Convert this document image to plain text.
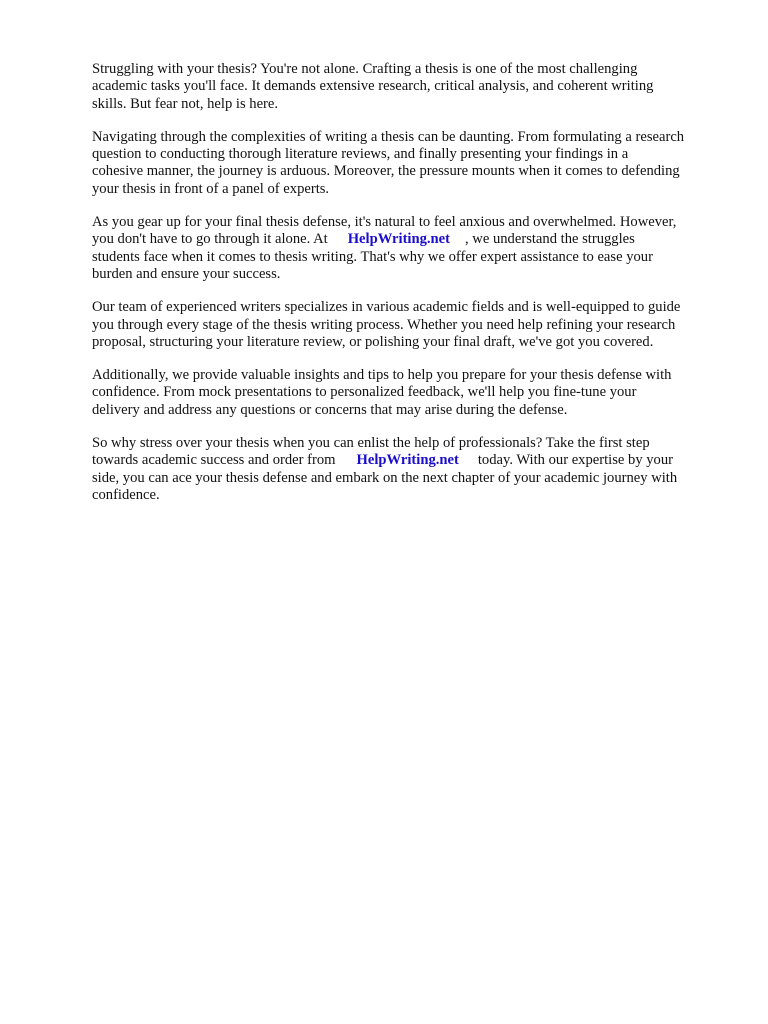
Struggling with your thesis? You're not alone. Crafting a thesis is one of the most challenging
academic tasks you'll face. It demands extensive research, critical analysis, and coherent writing
skills. But fear not, help is here.

Navigating through the complexities of writing a thesis can be daunting. From formulating a research
question to conducting thorough literature reviews, and finally presenting your findings in a
cohesive manner, the journey is arduous. Moreover, the pressure mounts when it comes to defending
your thesis in front of a panel of experts.

As you gear up for your final thesis defense, it's natural to feel anxious and overwhelmed. However,
you don't have to go through it alone. At HelpWriting.net , we understand the struggles
students face when it comes to thesis writing. That's why we offer expert assistance to ease your
burden and ensure your success.

Our team of experienced writers specializes in various academic fields and is well-equipped to guide
you through every stage of the thesis writing process. Whether you need help refining your research
proposal, structuring your literature review, or polishing your final draft, we've got you covered.

Additionally, we provide valuable insights and tips to help you prepare for your thesis defense with
confidence. From mock presentations to personalized feedback, we'll help you fine-tune your
delivery and address any questions or concerns that may arise during the defense.

So why stress over your thesis when you can enlist the help of professionals? Take the first step
towards academic success and order from HelpWriting.net today. With our expertise by your
side, you can ace your thesis defense and embark on the next chapter of your academic journey with
confidence.
